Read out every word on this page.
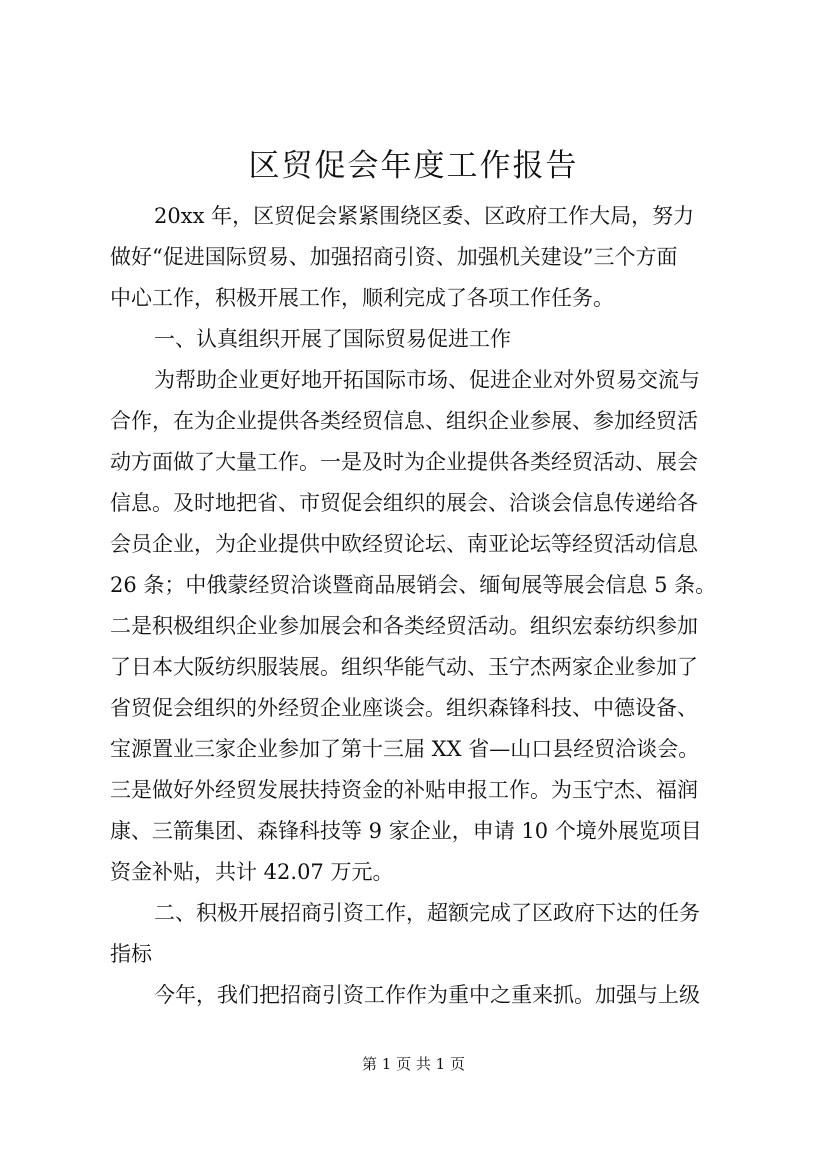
区贸促会年度工作报告
20xx 年，区贸促会紧紧围绕区委、区政府工作大局，努力
做好“促进国际贸易、加强招商引资、加强机关建设”三个方面
中心工作，积极开展工作，顺利完成了各项工作任务。
一、认真组织开展了国际贸易促进工作
为帮助企业更好地开拓国际市场、促进企业对外贸易交流与
合作，在为企业提供各类经贸信息、组织企业参展、参加经贸活
动方面做了大量工作。一是及时为企业提供各类经贸活动、展会
信息。及时地把省、市贸促会组织的展会、洽谈会信息传递给各
会员企业，为企业提供中欧经贸论坛、南亚论坛等经贸活动信息
26 条；中俄蒙经贸洽谈暨商品展销会、缅甸展等展会信息 5 条。
二是积极组织企业参加展会和各类经贸活动。组织宏泰纺织参加
了日本大阪纺织服装展。组织华能气动、玉宁杰两家企业参加了
省贸促会组织的外经贸企业座谈会。组织森锋科技、中德设备、
宝源置业三家企业参加了第十三届 XX 省—山口县经贸洽谈会。
三是做好外经贸发展扶持资金的补贴申报工作。为玉宁杰、福润
康、三箭集团、森锋科技等 9 家企业，申请 10 个境外展览项目
资金补贴，共计 42.07 万元。
二、积极开展招商引资工作，超额完成了区政府下达的任务
指标
今年，我们把招商引资工作作为重中之重来抓。加强与上级
第 1 页 共 1 页
